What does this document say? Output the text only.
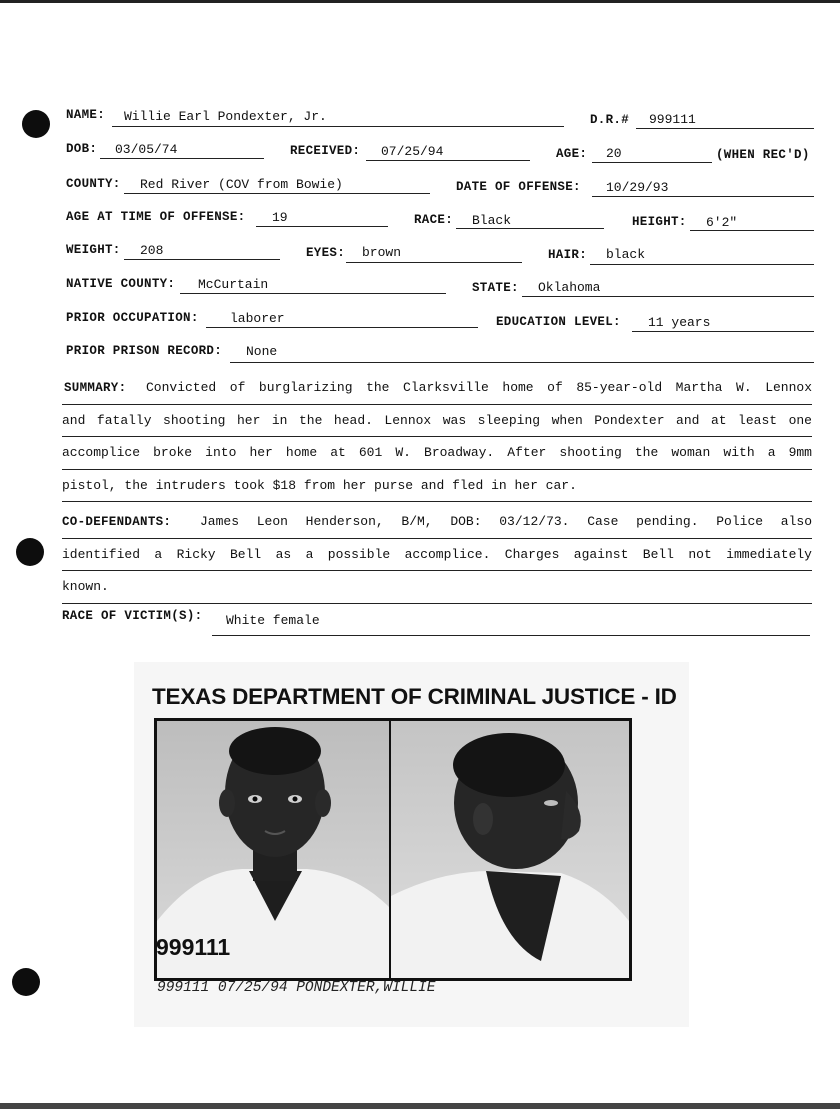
NAME: Willie Earl Pondexter, Jr.	D.R.# 999111
DOB: 03/05/74	RECEIVED: 07/25/94	AGE: 20	(WHEN REC'D)
COUNTY: Red River (COV from Bowie)	DATE OF OFFENSE: 10/29/93
AGE AT TIME OF OFFENSE: 19	RACE: Black	HEIGHT: 6'2"
WEIGHT: 208	EYES: brown	HAIR: black
NATIVE COUNTY: McCurtain	STATE: Oklahoma
PRIOR OCCUPATION: laborer	EDUCATION LEVEL: 11 years
PRIOR PRISON RECORD: None
SUMMARY: Convicted of burglarizing the Clarksville home of 85-year-old Martha W. Lennox
and fatally shooting her in the head. Lennox was sleeping when Pondexter and at least one
accomplice broke into her home at 601 W. Broadway. After shooting the woman with a 9mm
pistol, the intruders took $18 from her purse and fled in her car.
CO-DEFENDANTS: James Leon Henderson, B/M, DOB: 03/12/73. Case pending. Police also
identified a Ricky Bell as a possible accomplice. Charges against Bell not immediately
known.
RACE OF VICTIM(S): White female
TEXAS DEPARTMENT OF CRIMINAL JUSTICE - ID
999111
999111 07/25/94 PONDEXTER,WILLIE
